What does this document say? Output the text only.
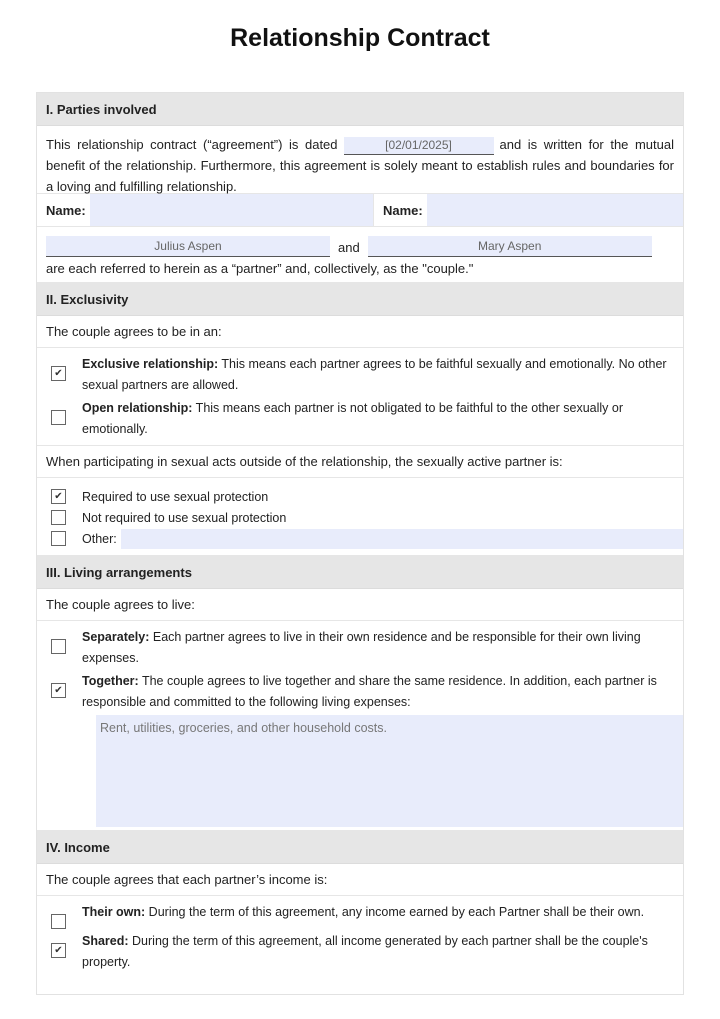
Relationship Contract
I. Parties involved
This relationship contract (“agreement”) is dated	[02/01/2025]	and is written for the mutual benefit of the relationship. Furthermore, this agreement is solely meant to establish rules and boundaries for a loving and fulfilling relationship.
Name:	Name:
Julius Aspen	and	Mary Aspen
are each referred to herein as a “partner” and, collectively, as the "couple."
II. Exclusivity
The couple agrees to be in an:
✔
Exclusive relationship: This means each partner agrees to be faithful sexually and emotionally. No other sexual partners are allowed.
Open relationship: This means each partner is not obligated to be faithful to the other sexually or emotionally.
When participating in sexual acts outside of the relationship, the sexually active partner is:
✔ Required to use sexual protection
Not required to use sexual protection
Other:
III. Living arrangements
The couple agrees to live:
Separately: Each partner agrees to live in their own residence and be responsible for their own living expenses.
✔
Together: The couple agrees to live together and share the same residence. In addition, each partner is responsible and committed to the following living expenses:
Rent, utilities, groceries, and other household costs.
IV. Income
The couple agrees that each partner’s income is:
Their own: During the term of this agreement, any income earned by each Partner shall be their own.
✔
Shared: During the term of this agreement, all income generated by each partner shall be the couple's property.
